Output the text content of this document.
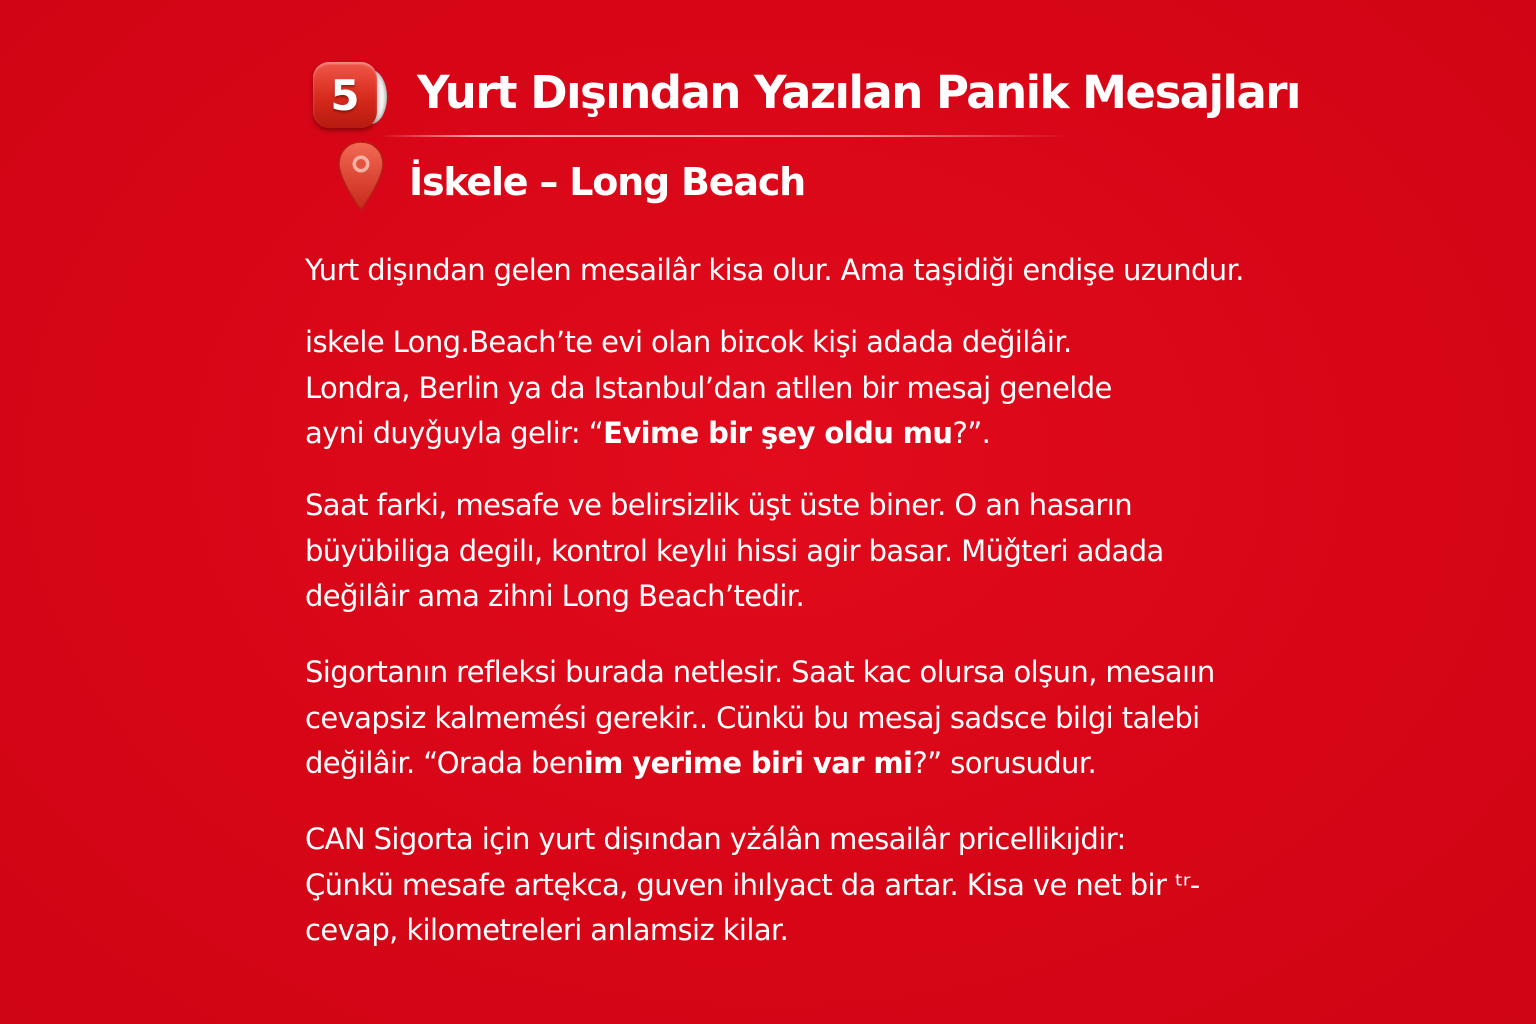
5 Yurt Dışından Yazılan Panik Mesajları
İskele – Long Beach
Yurt dişından gelen mesailâr kisa olur. Ama taşidiği endişe uzundur.
iskele Long.Beach’te evi olan biɪcok kişi adada değilâir.
Londra, Berlin ya da Istanbul’dan atllen bir mesaj genelde
ayni duyǧuyla gelir: “Evime bir şey oldu mu?”.
Saat farki, mesafe ve belirsizlik üşt üste biner. O an hasarın
büyübiliga degilı, kontrol keylıi hissi agir basar. Müǧteri adada
değilâir ama zihni Long Beach’tedir.
Sigortanın refleksi burada netlesir. Saat kac olursa olşun, mesaıın
cevapsiz kalmemési gerekir.. Cünkü bu mesaj sadsce bilgi talebi
değilâir. “Orada benim yerime biri var mi?” sorusudur.
CAN Sigorta için yurt dişından yżálân mesailâr pricellikıjdir:
Çünkü mesafe artękca, guven ihılyact da artar. Kisa ve net bir ᵗʳ-
cevap, kilometreleri anlamsiz kilar.
